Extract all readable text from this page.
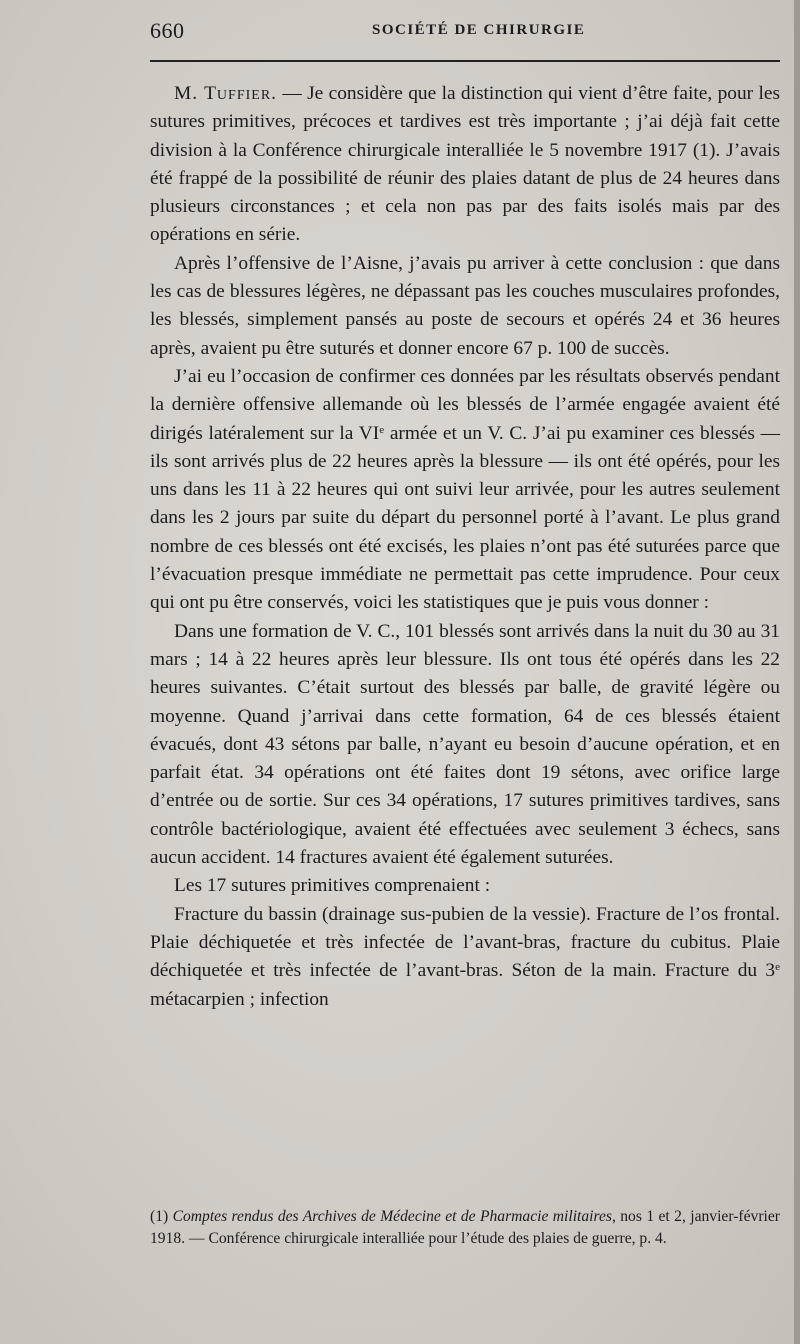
660	SOCIÉTÉ DE CHIRURGIE

M. Tuffier. — Je considère que la distinction qui vient d’être faite, pour les sutures primitives, précoces et tardives est très importante ; j’ai déjà fait cette division à la Conférence chirurgicale interalliée le 5 novembre 1917 (1). J’avais été frappé de la possibilité de réunir des plaies datant de plus de 24 heures dans plusieurs circonstances ; et cela non pas par des faits isolés mais par des opérations en série.

Après l’offensive de l’Aisne, j’avais pu arriver à cette conclusion : que dans les cas de blessures légères, ne dépassant pas les couches musculaires profondes, les blessés, simplement pansés au poste de secours et opérés 24 et 36 heures après, avaient pu être suturés et donner encore 67 p. 100 de succès.

J’ai eu l’occasion de confirmer ces données par les résultats observés pendant la dernière offensive allemande où les blessés de l’armée engagée avaient été dirigés latéralement sur la VIe armée et un V. C. J’ai pu examiner ces blessés — ils sont arrivés plus de 22 heures après la blessure — ils ont été opérés, pour les uns dans les 11 à 22 heures qui ont suivi leur arrivée, pour les autres seulement dans les 2 jours par suite du départ du personnel porté à l’avant. Le plus grand nombre de ces blessés ont été excisés, les plaies n’ont pas été suturées parce que l’évacuation presque immédiate ne permettait pas cette imprudence. Pour ceux qui ont pu être conservés, voici les statistiques que je puis vous donner :

Dans une formation de V. C., 101 blessés sont arrivés dans la nuit du 30 au 31 mars ; 14 à 22 heures après leur blessure. Ils ont tous été opérés dans les 22 heures suivantes. C’était surtout des blessés par balle, de gravité légère ou moyenne. Quand j’arrivai dans cette formation, 64 de ces blessés étaient évacués, dont 43 sétons par balle, n’ayant eu besoin d’aucune opération, et en parfait état. 34 opérations ont été faites dont 19 sétons, avec orifice large d’entrée ou de sortie. Sur ces 34 opérations, 17 sutures primitives tardives, sans contrôle bactériologique, avaient été effectuées avec seulement 3 échecs, sans aucun accident. 14 fractures avaient été également suturées.

Les 17 sutures primitives comprenaient :

Fracture du bassin (drainage sus-pubien de la vessie). Fracture de l’os frontal. Plaie déchiquetée et très infectée de l’avant-bras, fracture du cubitus. Plaie déchiquetée et très infectée de l’avant-bras. Séton de la main. Fracture du 3e métacarpien ; infection

(1) Comptes rendus des Archives de Médecine et de Pharmacie militaires, nos 1 et 2, janvier-février 1918. — Conférence chirurgicale interalliée pour l’étude des plaies de guerre, p. 4.
